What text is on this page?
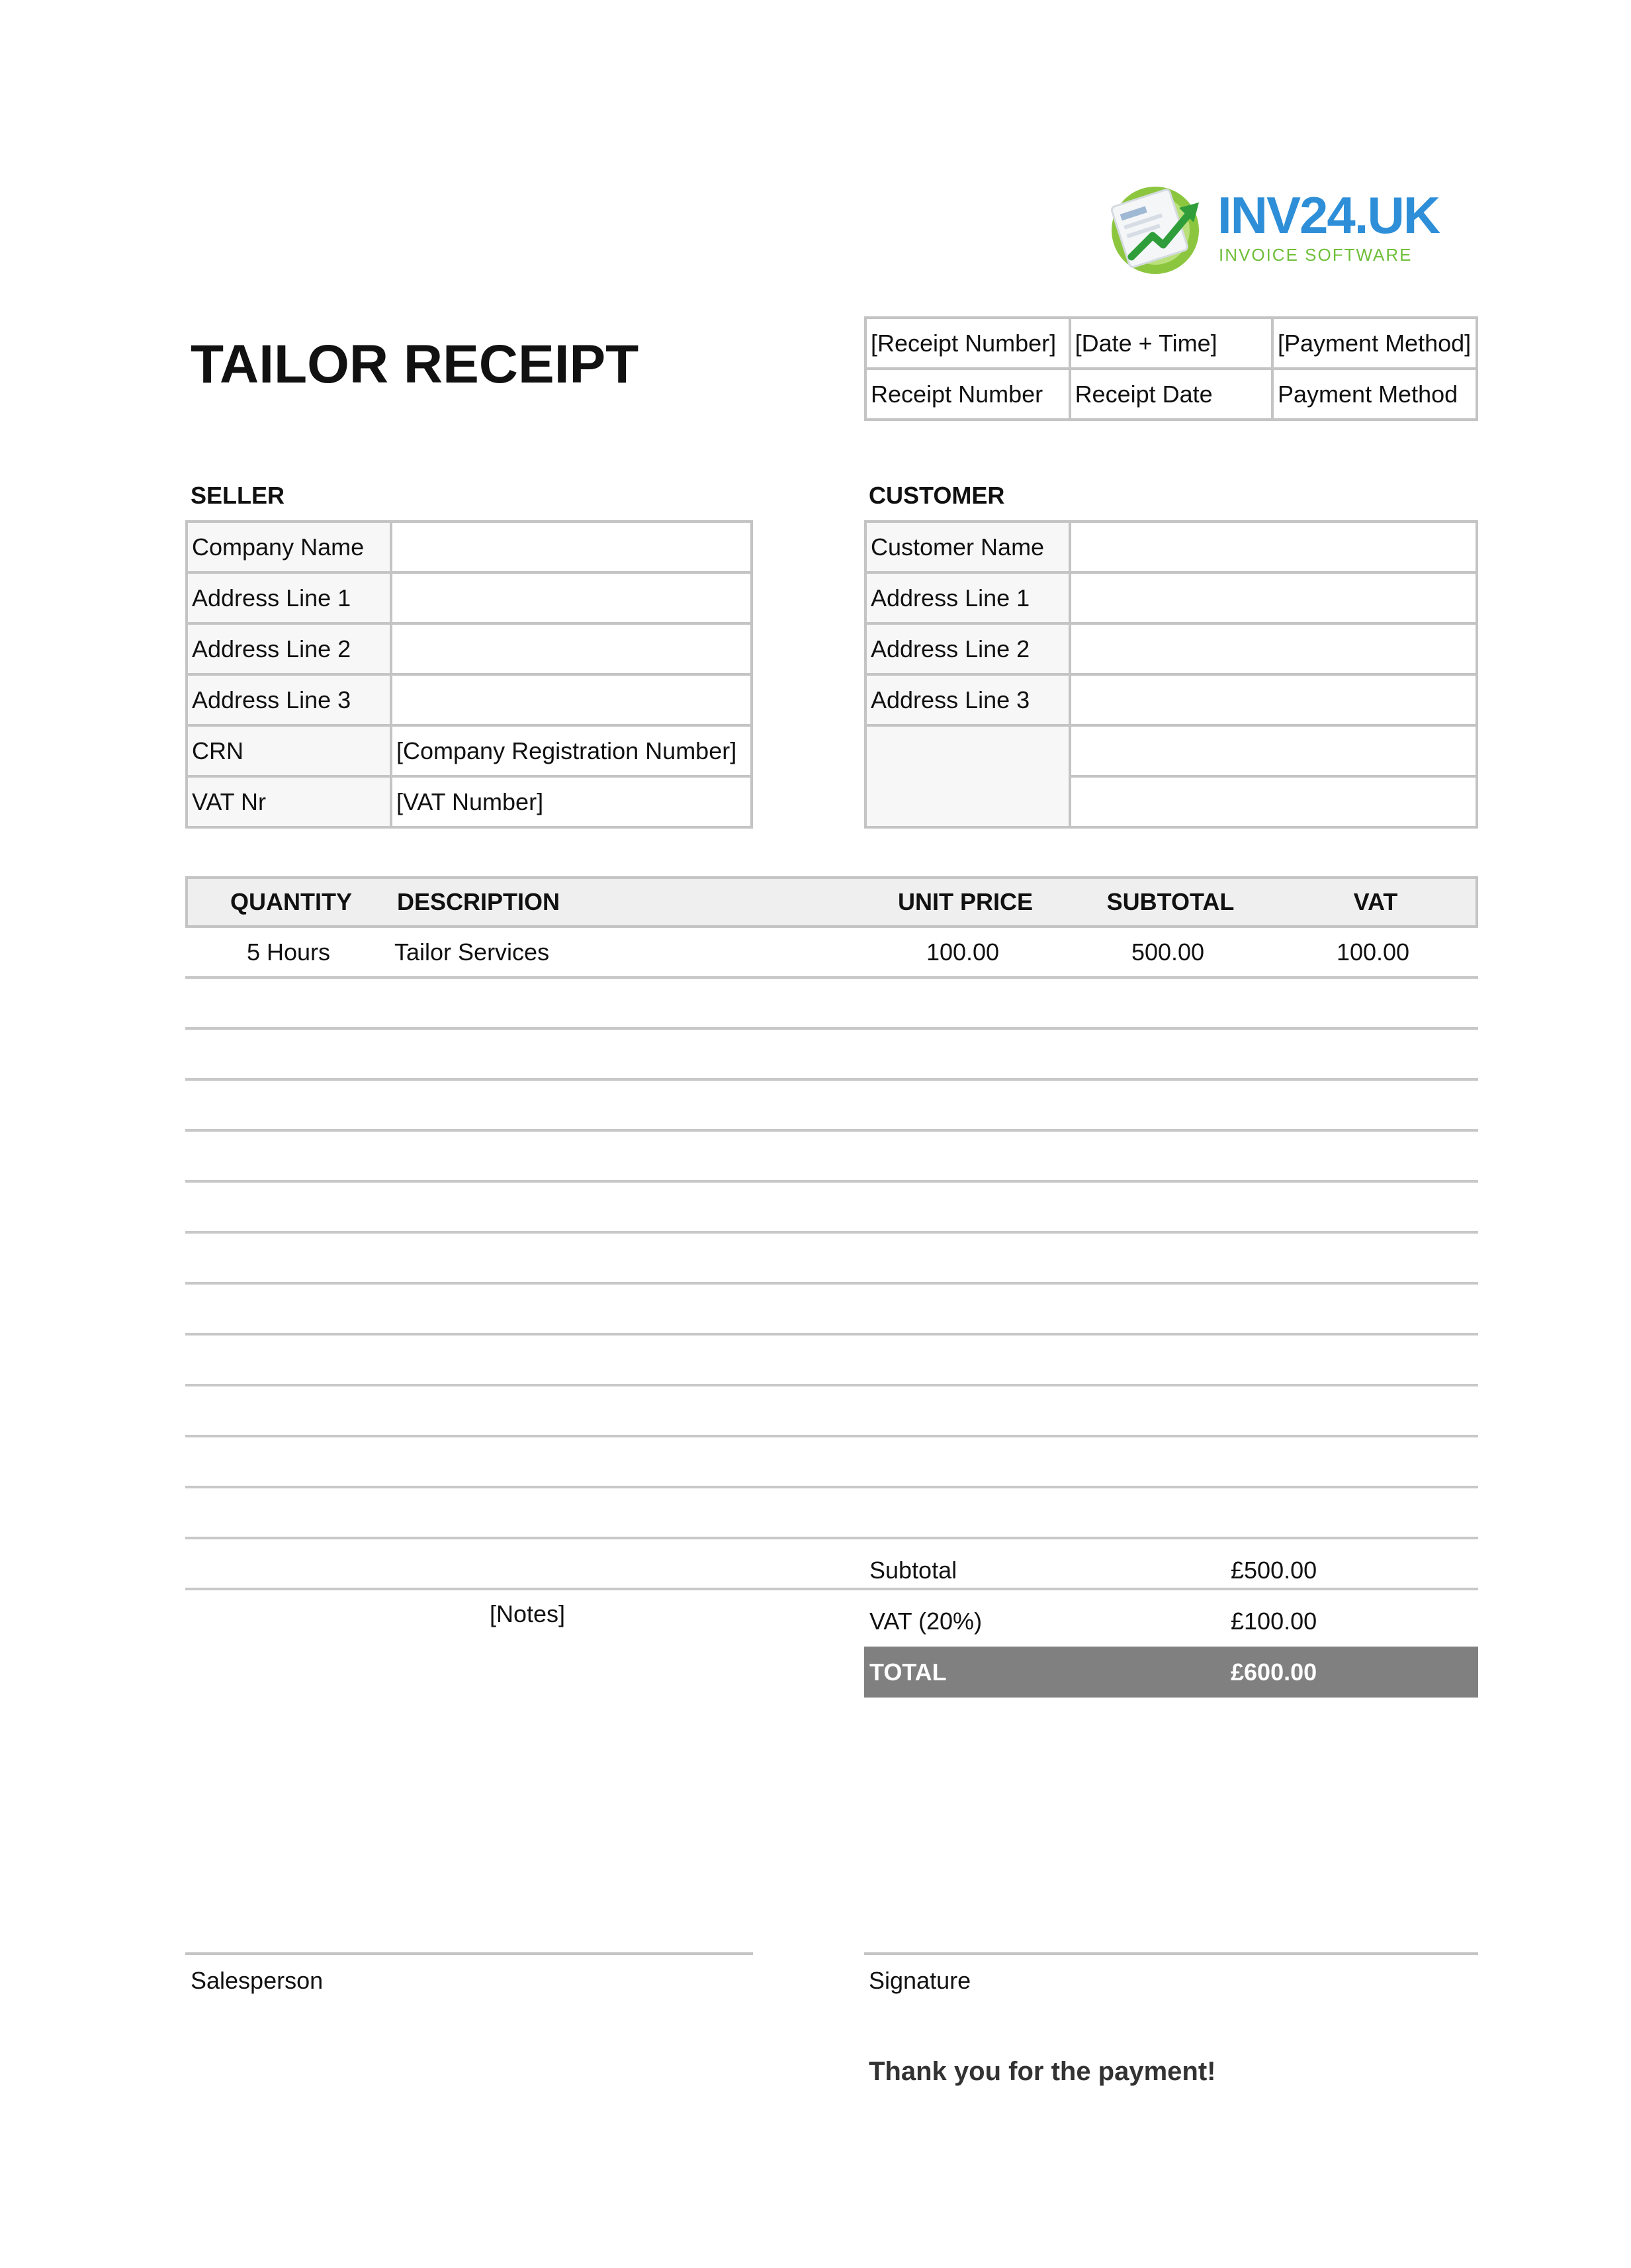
INV24.UK
INVOICE SOFTWARE
TAILOR RECEIPT	[Receipt Number]	[Date + Time]	[Payment Method]
Receipt Number	Receipt Date	Payment Method
SELLER
Company Name	
Address Line 1	
Address Line 2	
Address Line 3	
CRN	[Company Registration Number]
VAT Nr	[VAT Number]
CUSTOMER
Customer Name	
Address Line 1	
Address Line 2	
Address Line 3	

QUANTITY	DESCRIPTION	UNIT PRICE	SUBTOTAL	VAT
5 Hours	Tailor Services	100.00	500.00	100.00
Subtotal	£500.00
VAT (20%)	£100.00
TOTAL	£600.00
[Notes]
Salesperson	Signature
Thank you for the payment!
